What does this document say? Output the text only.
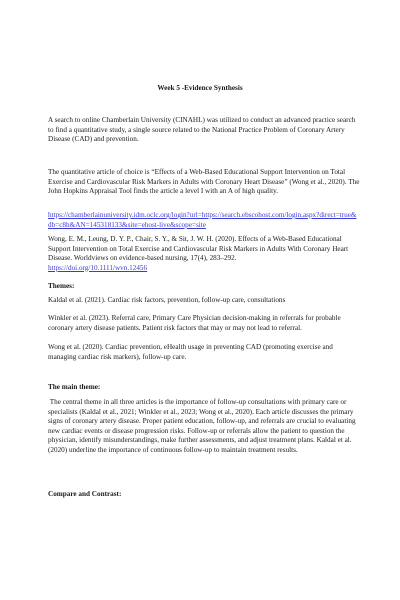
Week 5 -Evidence Synthesis
A search to online Chamberlain University (CINAHL) was utilized to conduct an advanced practice search to find a quantitative study, a single source related to the National Practice Problem of Coronary Artery Disease (CAD) and prevention.
The quantitative article of choice is “Effects of a Web-Based Educational Support Intervention on Total Exercise and Cardiovascular Risk Markers in Adults with Coronary Heart Disease” (Wong et al., 2020). The John Hopkins Appraisal Tool finds the article a level I with an A of high quality.
https://chamberlainuniversity.idm.oclc.org/login?url=https://search.ebscohost.com/login.aspx?direct=true&db=c8h&AN=145318133&site=ehost-live&scope=site
Wong, E. M., Leung, D. Y. P., Chair, S. Y., & Sit, J. W. H. (2020). Effects of a Web-Based Educational Support Intervention on Total Exercise and Cardiovascular Risk Markers in Adults With Coronary Heart Disease. Worldviews on evidence-based nursing, 17(4), 283–292.
https://doi.org/10.1111/wvn.12456
Themes:
Kaldal et al. (2021). Cardiac risk factors, prevention, follow-up care, consultations
Winkler et al. (2023). Referral care, Primary Care Physician decision-making in referrals for probable coronary artery disease patients. Patient risk factors that may or may not lead to referral.
Wong et al. (2020). Cardiac prevention, eHealth usage in preventing CAD (promoting exercise and managing cardiac risk markers), follow-up care.
The main theme:
The central theme in all three articles is the importance of follow-up consultations with primary care or specialists (Kaldal et al., 2021; Winkler et al., 2023; Wong et al., 2020). Each article discusses the primary signs of coronary artery disease. Proper patient education, follow-up, and referrals are crucial to evaluating new cardiac events or disease progression risks. Follow-up or referrals allow the patient to question the physician, identify misunderstandings, make further assessments, and adjust treatment plans. Kaldal et al. (2020) underline the importance of continuous follow-up to maintain treatment results.
Compare and Contrast:
